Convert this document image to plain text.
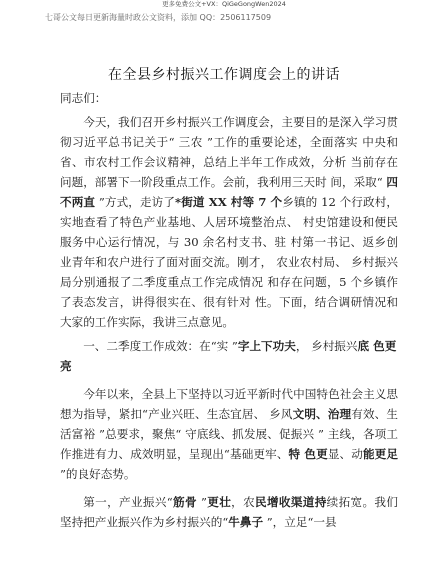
更多免费公文+VX：QiGeGongWen2024
七哥公文每日更新海量时政公文资料，添加 QQ：2506117509
在全县乡村振兴工作调度会上的讲话

同志们：

今天，我们召开乡村振兴工作调度会，主要目的是深入学习贯彻习近平总书记关于“ 三农 ”工作的重要论述，全面落实 中央和省、市农村工作会议精神，总结上半年工作成效，分析 当前存在问题，部署下一阶段重点工作。会前，我利用三天时 间，采取“ 四不两直 ”方式，走访了*街道 XX 村等 7 个乡镇的 12 个行政村，实地查看了特色产业基地、人居环境整治点、 村史馆建设和便民服务中心运行情况，与 30 余名村支书、驻 村第一书记、返乡创业青年和农户进行了面对面交流。刚才， 农业农村局、 乡村振兴局分别通报了二季度重点工作完成情况 和存在问题，5 个乡镇作了表态发言，讲得很实在、很有针对 性。下面，结合调研情况和大家的工作实际，我讲三点意见。

一、二季度工作成效：在“实 ”字上下功夫， 乡村振兴底 色更亮

今年以来，全县上下坚持以习近平新时代中国特色社会主义思想为指导，紧扣“产业兴旺、生态宜居、 乡风文明、治理有效、生活富裕 ”总要求，聚焦“ 守底线、抓发展、促振兴 ” 主线，各项工作推进有力、成效明显，呈现出“基础更牢、特 色更显、动能更足 ”的良好态势。

第一，产业振兴“筋骨 ”更壮，农民增收渠道持续拓宽。我们坚持把产业振兴作为乡村振兴的“牛鼻子 ”，立足“一县
